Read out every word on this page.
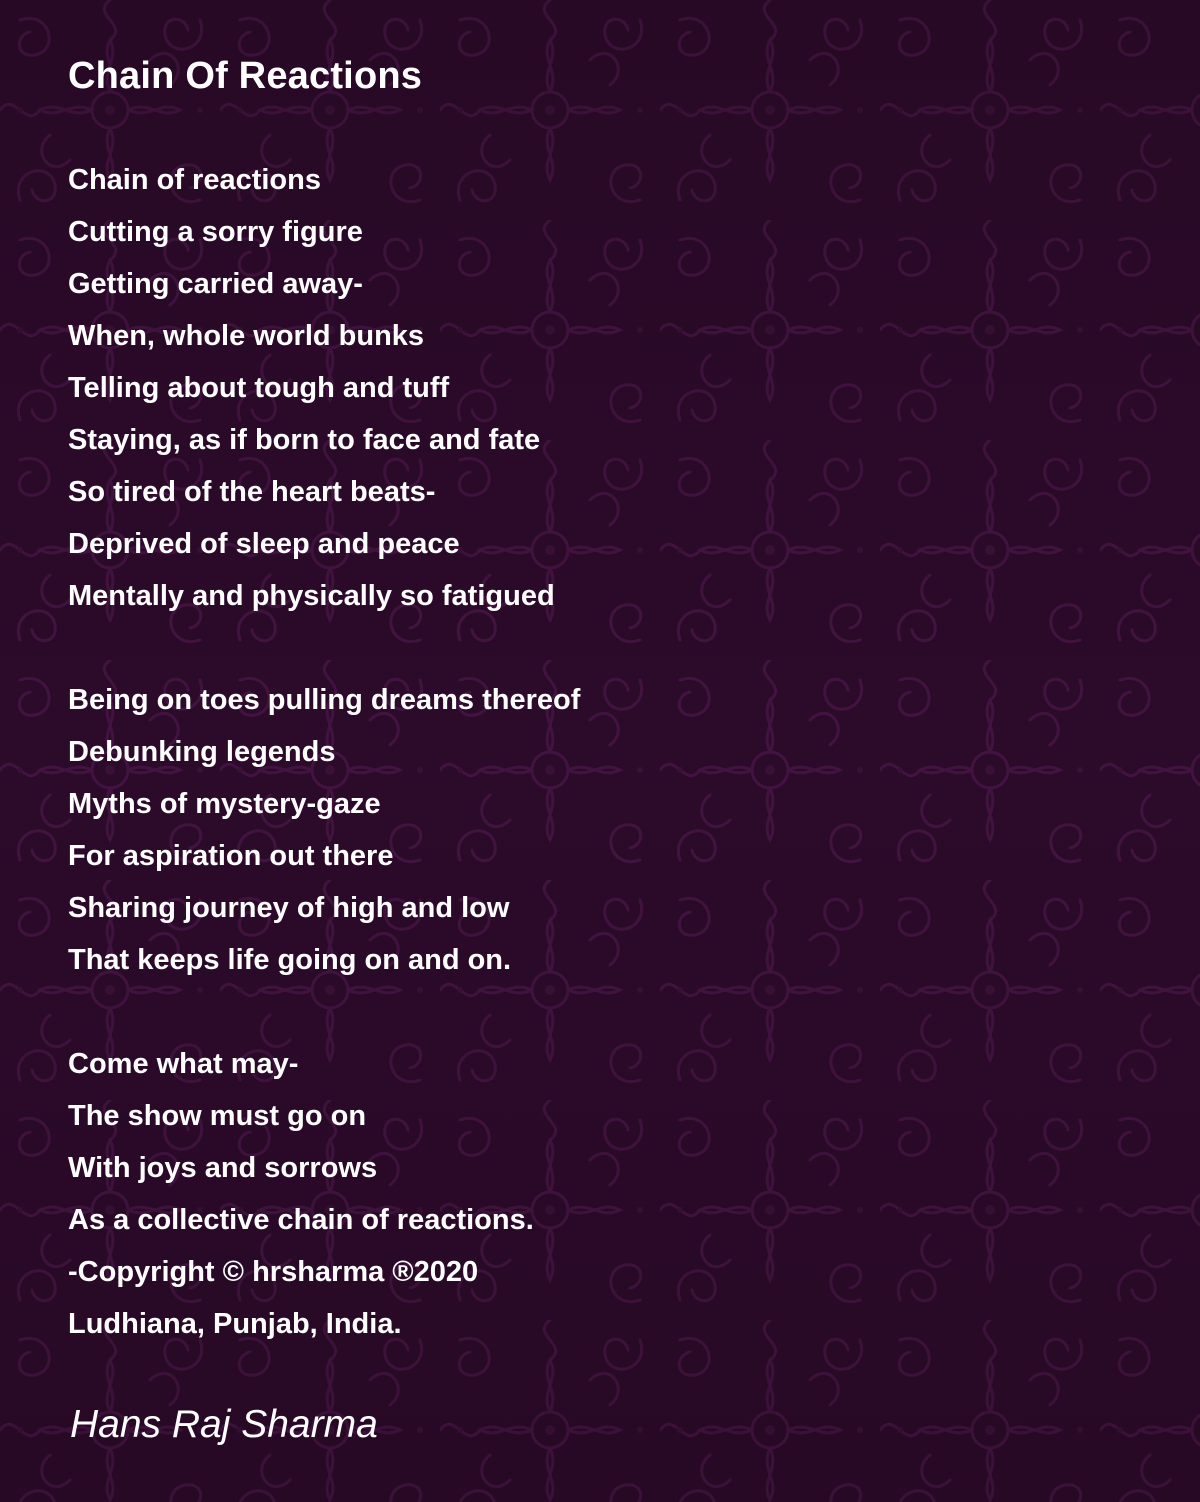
Chain Of Reactions
Chain of reactions
Cutting a sorry figure
Getting carried away-
When, whole world bunks
Telling about tough and tuff
Staying, as if born to face and fate
So tired of the heart beats-
Deprived of sleep and peace
Mentally and physically so fatigued
Being on toes pulling dreams thereof
Debunking legends
Myths of mystery-gaze
For aspiration out there
Sharing journey of high and low
That keeps life going on and on.
Come what may-
The show must go on
With joys and sorrows
As a collective chain of reactions.
-Copyright © hrsharma ®2020
Ludhiana, Punjab, India.
Hans Raj Sharma
